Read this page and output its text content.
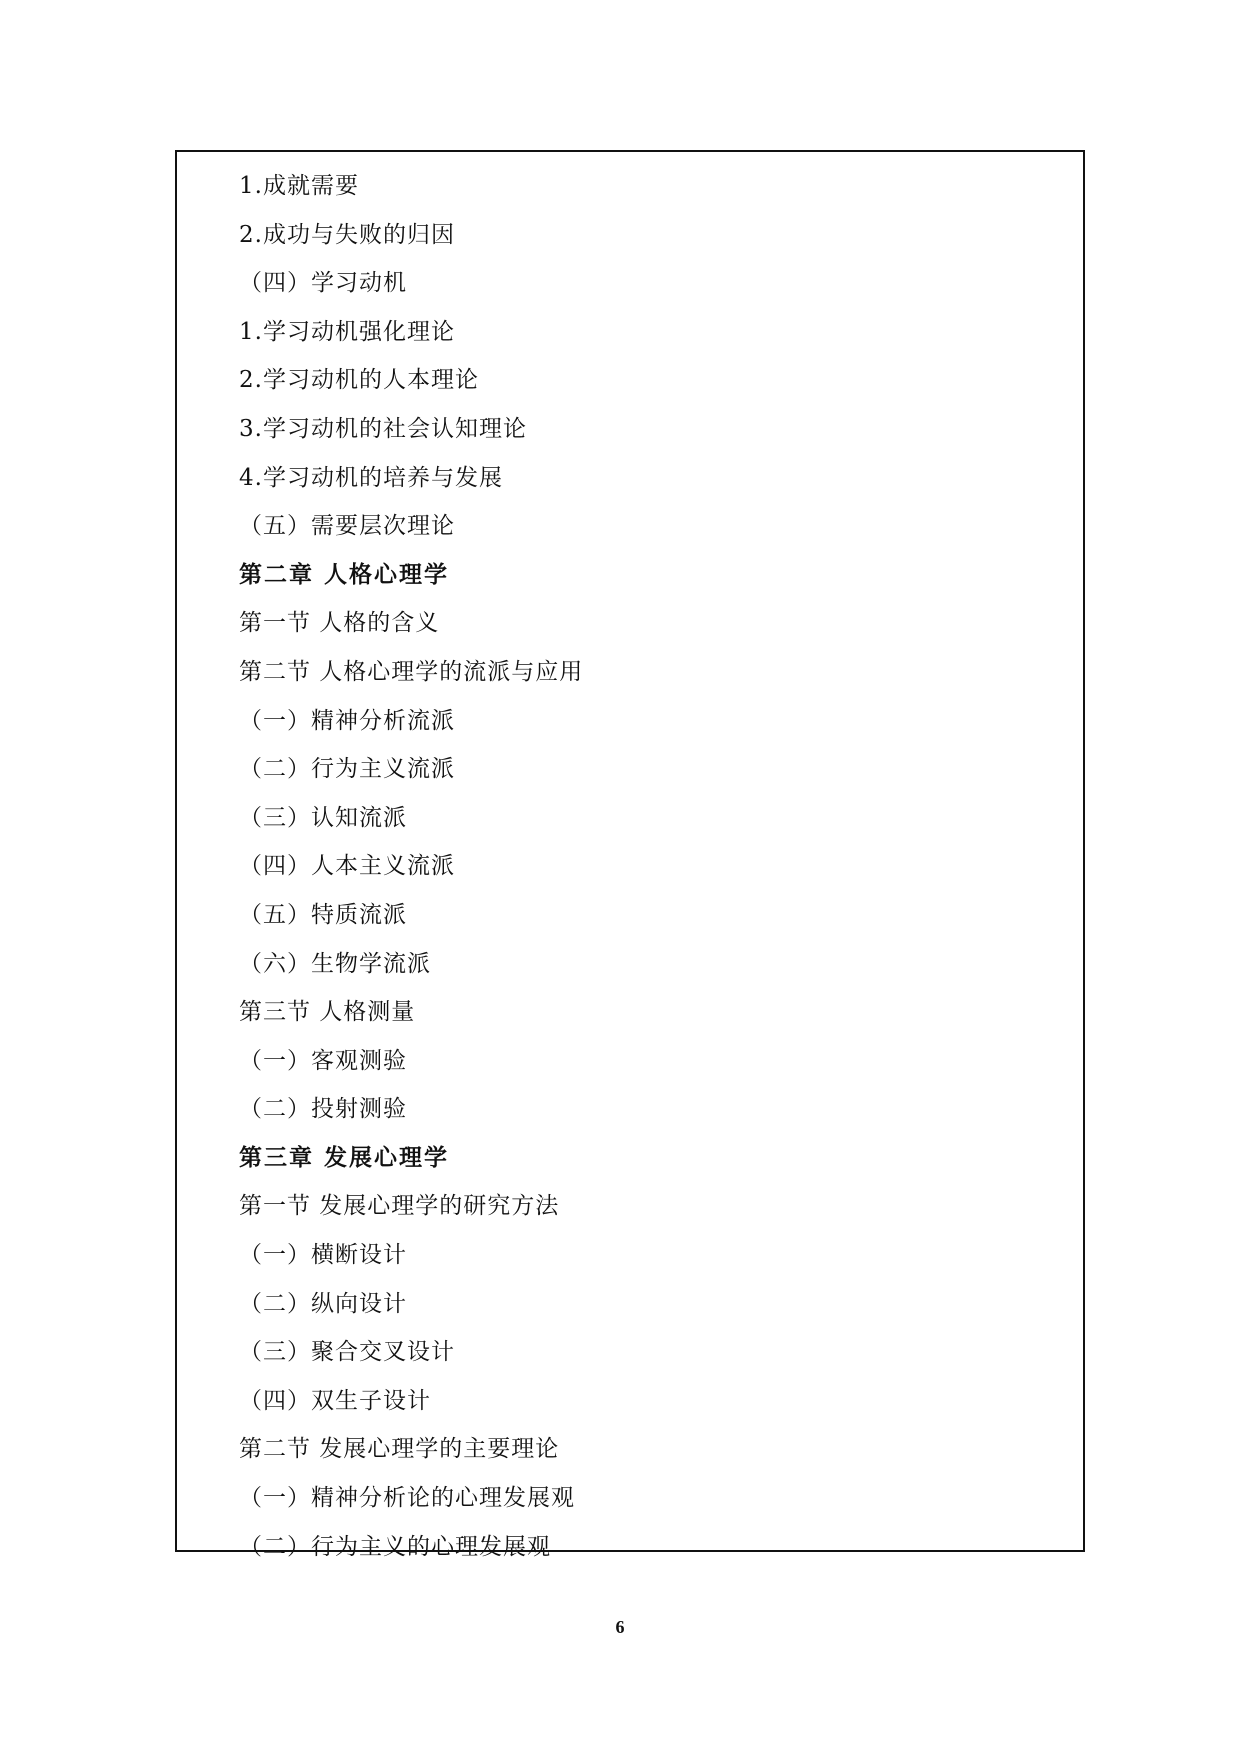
1.成就需要
2.成功与失败的归因
（四）学习动机
1.学习动机强化理论
2.学习动机的人本理论
3.学习动机的社会认知理论
4.学习动机的培养与发展
（五）需要层次理论
第二章 人格心理学
第一节 人格的含义
第二节 人格心理学的流派与应用
（一）精神分析流派
（二）行为主义流派
（三）认知流派
（四）人本主义流派
（五）特质流派
（六）生物学流派
第三节 人格测量
（一）客观测验
（二）投射测验
第三章 发展心理学
第一节 发展心理学的研究方法
（一）横断设计
（二）纵向设计
（三）聚合交叉设计
（四）双生子设计
第二节 发展心理学的主要理论
（一）精神分析论的心理发展观
（二）行为主义的心理发展观
6
